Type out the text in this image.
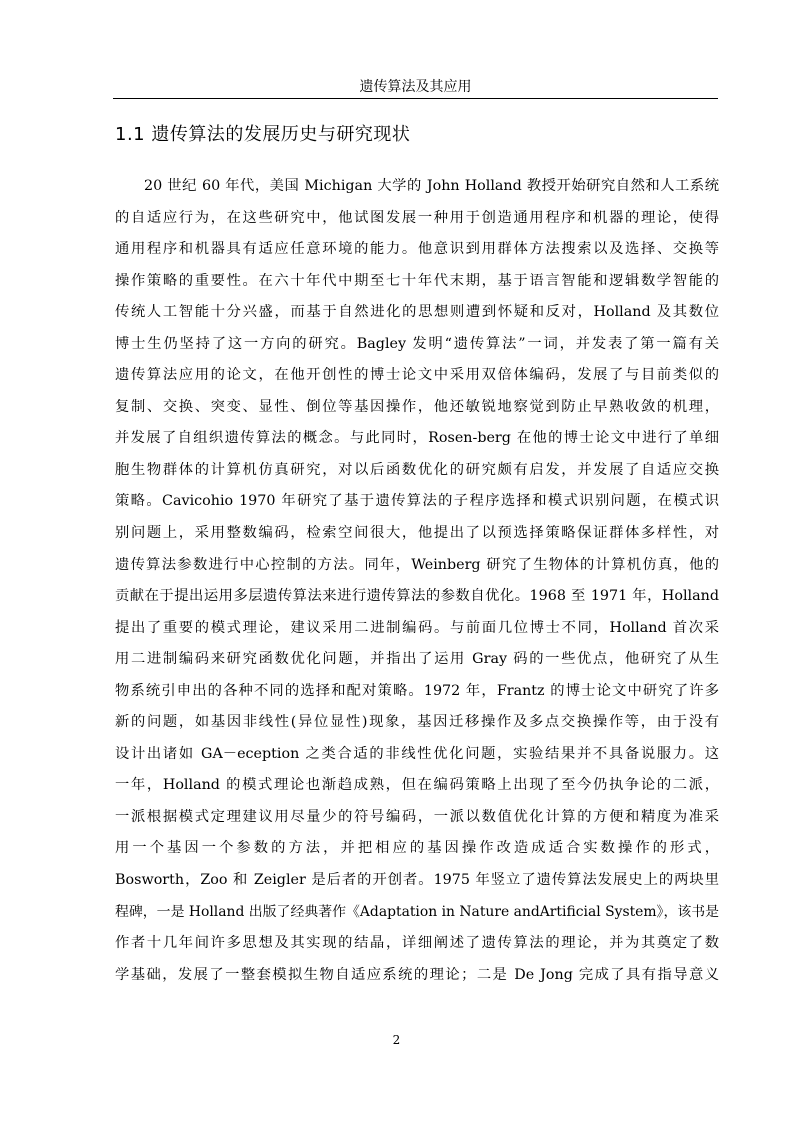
遗传算法及其应用
1.1 遗传算法的发展历史与研究现状
20 世纪 60 年代，美国 Michigan 大学的 John Holland 教授开始研究自然和人工系统
的自适应行为，在这些研究中，他试图发展一种用于创造通用程序和机器的理论，使得
通用程序和机器具有适应任意环境的能力。他意识到用群体方法搜索以及选择、交换等
操作策略的重要性。在六十年代中期至七十年代末期，基于语言智能和逻辑数学智能的
传统人工智能十分兴盛，而基于自然进化的思想则遭到怀疑和反对，Holland 及其数位
博士生仍坚持了这一方向的研究。Bagley 发明“遗传算法”一词，并发表了第一篇有关
遗传算法应用的论文，在他开创性的博士论文中采用双倍体编码，发展了与目前类似的
复制、交换、突变、显性、倒位等基因操作，他还敏锐地察觉到防止早熟收敛的机理，
并发展了自组织遗传算法的概念。与此同时，Rosen-berg 在他的博士论文中进行了单细
胞生物群体的计算机仿真研究，对以后函数优化的研究颇有启发，并发展了自适应交换
策略。Cavicohio 1970 年研究了基于遗传算法的子程序选择和模式识别问题，在模式识
别问题上，采用整数编码，检索空间很大，他提出了以预选择策略保证群体多样性，对
遗传算法参数进行中心控制的方法。同年，Weinberg 研究了生物体的计算机仿真，他的
贡献在于提出运用多层遗传算法来进行遗传算法的参数自优化。1968 至 1971 年，Holland
提出了重要的模式理论，建议采用二进制编码。与前面几位博士不同，Holland 首次采
用二进制编码来研究函数优化问题，并指出了运用 Gray 码的一些优点，他研究了从生
物系统引申出的各种不同的选择和配对策略。1972 年，Frantz 的博士论文中研究了许多
新的问题，如基因非线性(异位显性)现象，基因迁移操作及多点交换操作等，由于没有
设计出诸如 GA－eception 之类合适的非线性优化问题，实验结果并不具备说服力。这
一年，Holland 的模式理论也渐趋成熟，但在编码策略上出现了至今仍执争论的二派，
一派根据模式定理建议用尽量少的符号编码，一派以数值优化计算的方便和精度为准采
用一个基因一个参数的方法，并把相应的基因操作改造成适合实数操作的形式，
Bosworth，Zoo 和 Zeigler 是后者的开创者。1975 年竖立了遗传算法发展史上的两块里
程碑，一是 Holland 出版了经典著作《Adaptation in Nature andArtificial System》，该书是
作者十几年间许多思想及其实现的结晶，详细阐述了遗传算法的理论，并为其奠定了数
学基础，发展了一整套模拟生物自适应系统的理论；二是 De Jong 完成了具有指导意义
2
